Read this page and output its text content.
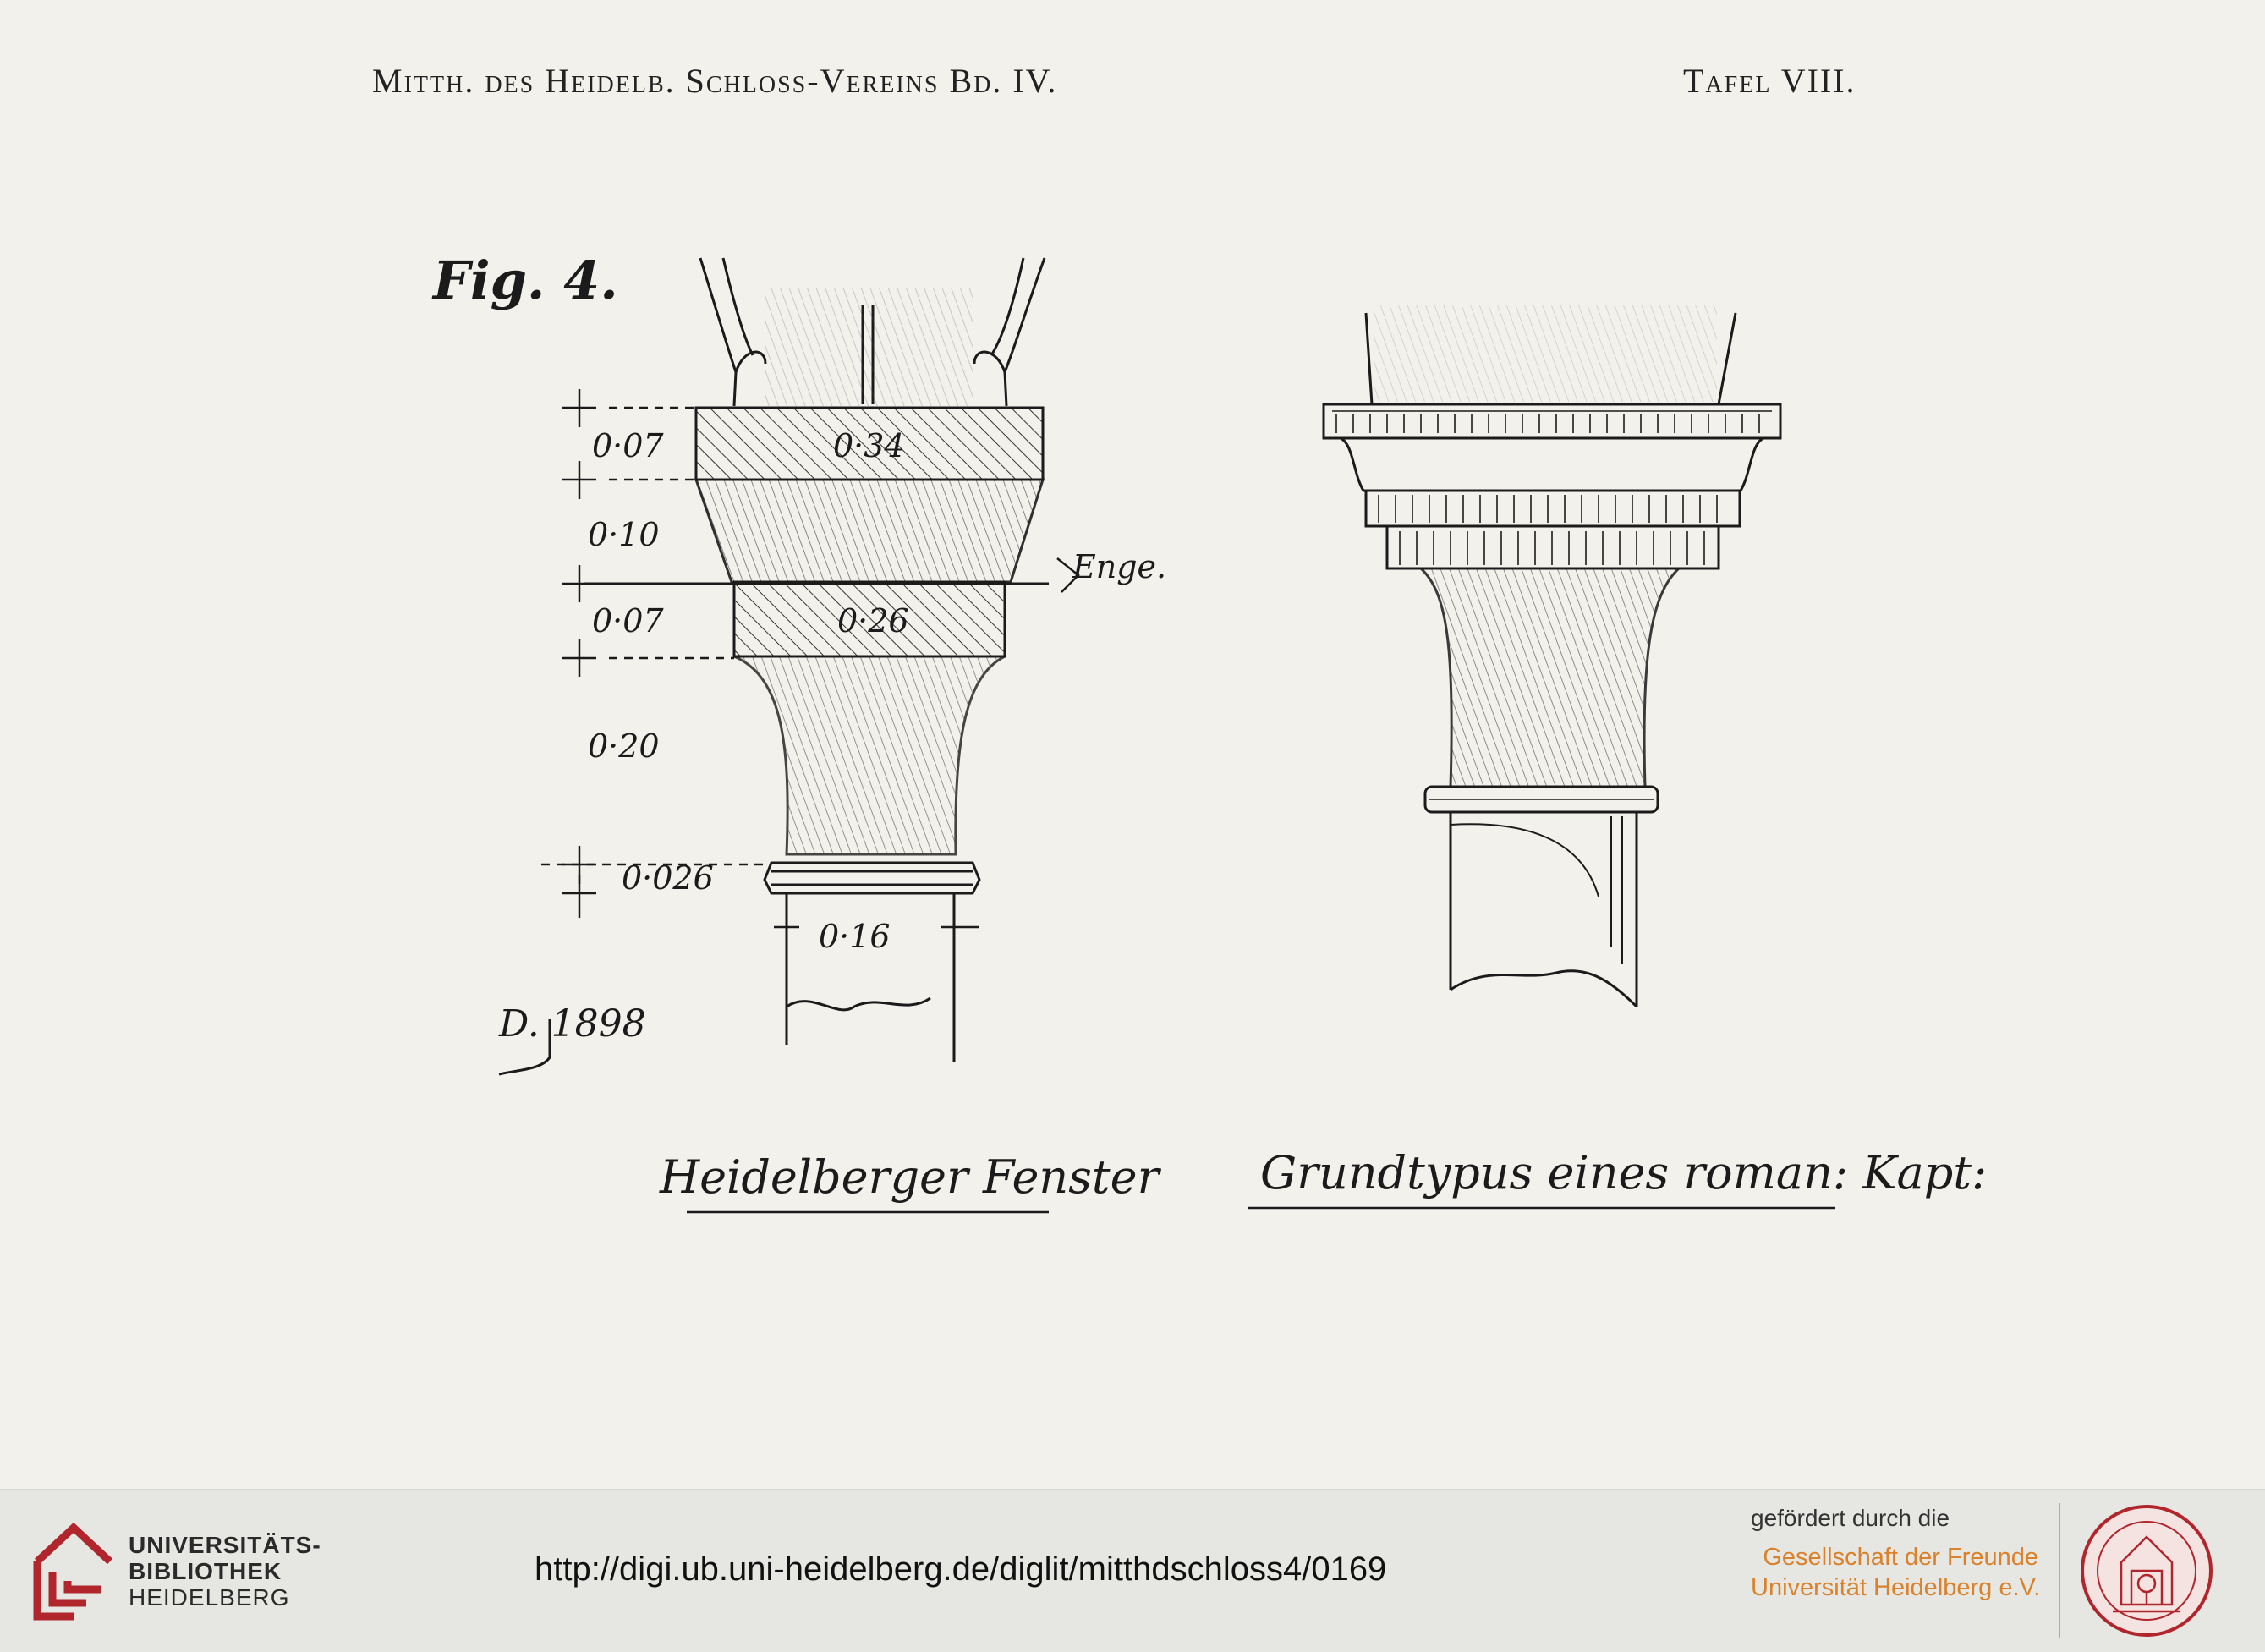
Mitth. des Heidelb. Schloss-Vereins Bd. IV.	Tafel VIII.
Fig. 4.
0·07
0·10
0·07
0·20
0·026
0·34
0·26
0·16
Enge.
D. 1898
Heidelberger Fenster Grundtypus eines roman: Kapt:
UNIVERSITÄTS-
BIBLIOTHEK
HEIDELBERG
http://digi.ub.uni-heidelberg.de/diglit/mitthdschloss4/0169
gefördert durch die
Gesellschaft der Freunde
Universität Heidelberg e.V.
